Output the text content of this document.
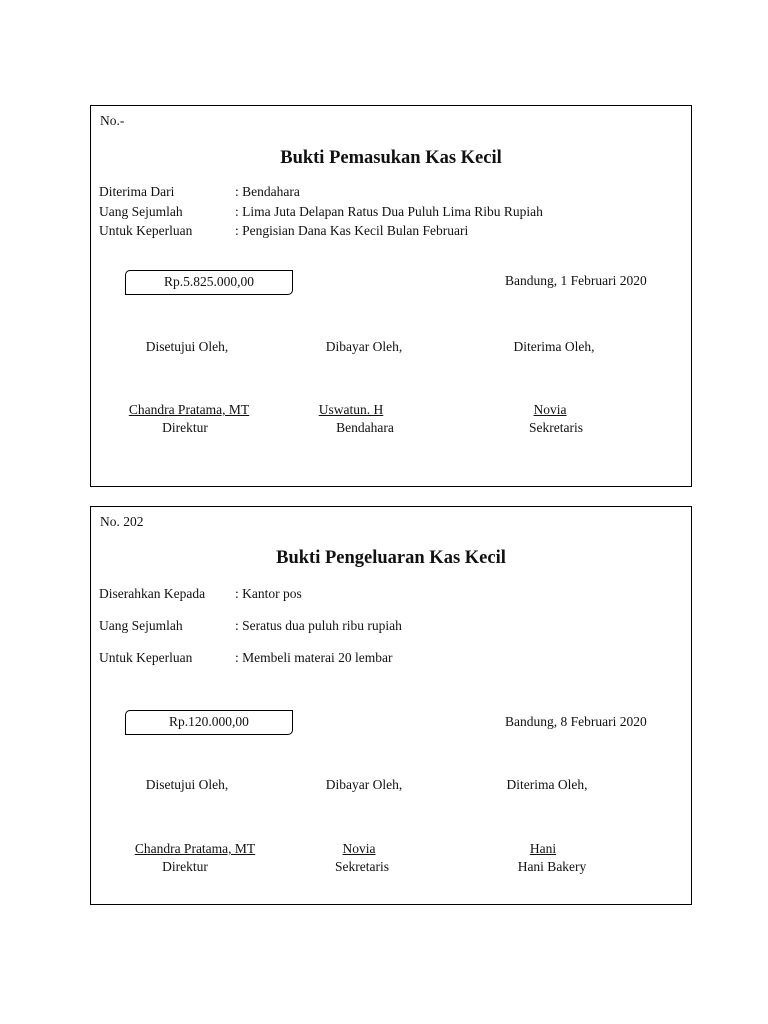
No.-
Bukti Pemasukan Kas Kecil
Diterima Dari	: Bendahara
Uang Sejumlah	: Lima Juta Delapan Ratus Dua Puluh Lima Ribu Rupiah
Untuk Keperluan	: Pengisian Dana Kas Kecil Bulan Februari
Rp.5.825.000,00	Bandung, 1 Februari 2020
Disetujui Oleh,	Dibayar Oleh,	Diterima Oleh,
Chandra Pratama, MT	Uswatun. H	Novia
Direktur	Bendahara	Sekretaris
No. 202
Bukti Pengeluaran Kas Kecil
Diserahkan Kepada : Kantor pos
Uang Sejumlah	: Seratus dua puluh ribu rupiah
Untuk Keperluan	: Membeli materai 20 lembar
Rp.120.000,00	Bandung, 8 Februari 2020
Disetujui Oleh,	Dibayar Oleh,	Diterima Oleh,
Chandra Pratama, MT	Novia	Hani
Direktur	Sekretaris	Hani Bakery
